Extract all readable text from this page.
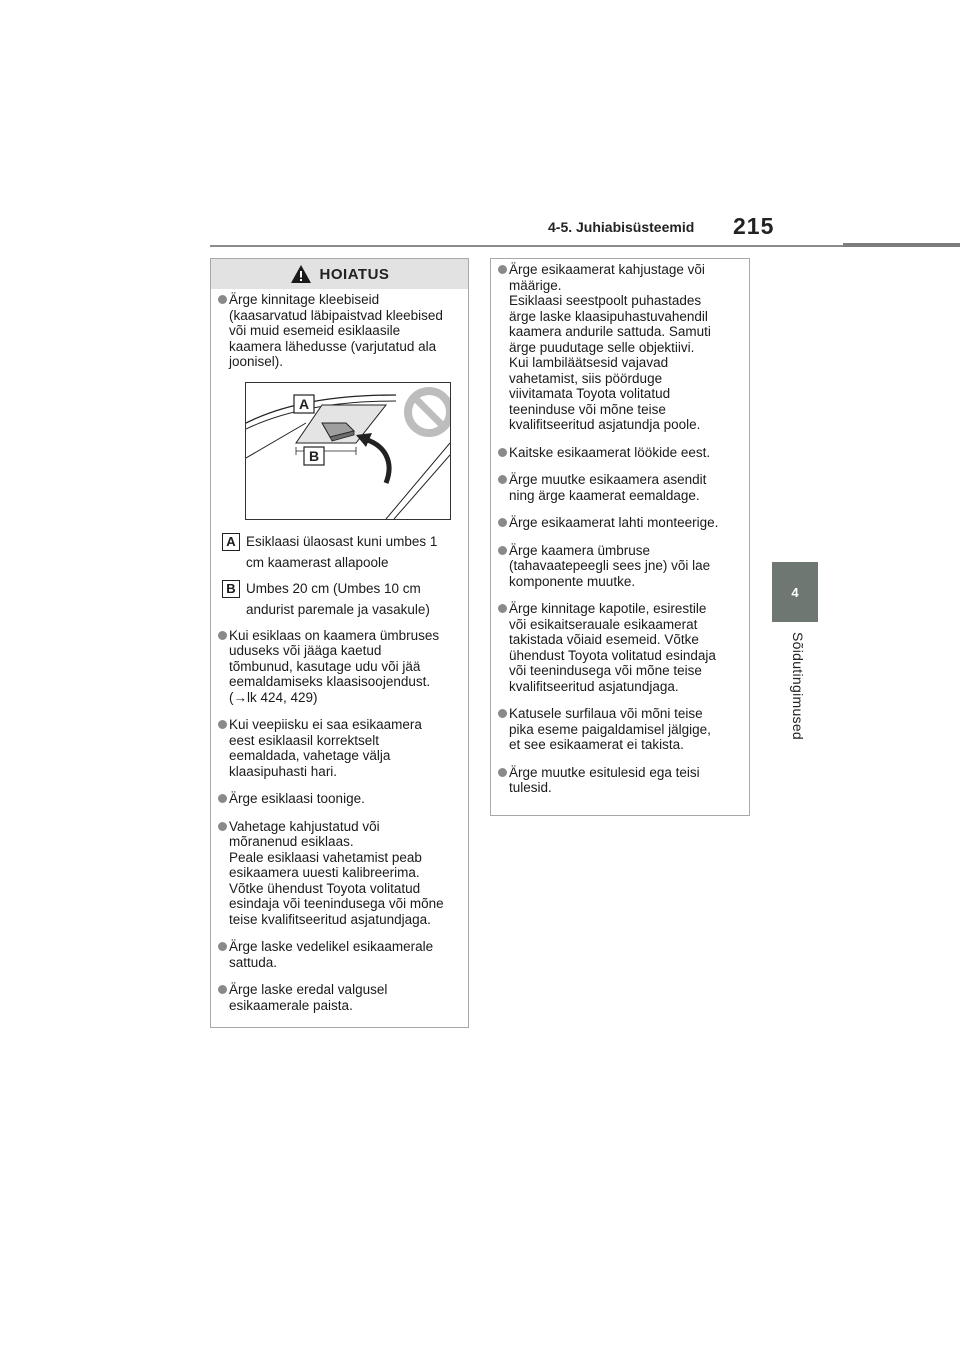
4-5. Juhiabisüsteemid 215
4
Sõidutingimused
HOIATUS
Ärge kinnitage kleebiseid
(kaasarvatud läbipaistvad kleebised
või muid esemeid esiklaasile
kaamera lähedusse (varjutatud ala
joonisel).
A
B
A Esiklaasi ülaosast kuni umbes 1
cm kaamerast allapoole
B Umbes 20 cm (Umbes 10 cm
andurist paremale ja vasakule)
Kui esiklaas on kaamera ümbruses
uduseks või jääga kaetud
tõmbunud, kasutage udu või jää
eemaldamiseks klaasisoojendust.
(→lk 424, 429)
Kui veepiisku ei saa esikaamera
eest esiklaasil korrektselt
eemaldada, vahetage välja
klaasipuhasti hari.
Ärge esiklaasi toonige.
Vahetage kahjustatud või
mõranenud esiklaas.
Peale esiklaasi vahetamist peab
esikaamera uuesti kalibreerima.
Võtke ühendust Toyota volitatud
esindaja või teenindusega või mõne
teise kvalifitseeritud asjatundjaga.
Ärge laske vedelikel esikaamerale
sattuda.
Ärge laske eredal valgusel
esikaamerale paista.
Ärge esikaamerat kahjustage või
määrige.
Esiklaasi seestpoolt puhastades
ärge laske klaasipuhastuvahendil
kaamera andurile sattuda. Samuti
ärge puudutage selle objektiivi.
Kui lambiläätsesid vajavad
vahetamist, siis pöörduge
viivitamata Toyota volitatud
teeninduse või mõne teise
kvalifitseeritud asjatundja poole.
Kaitske esikaamerat löökide eest.
Ärge muutke esikaamera asendit
ning ärge kaamerat eemaldage.
Ärge esikaamerat lahti monteerige.
Ärge kaamera ümbruse
(tahavaatepeegli sees jne) või lae
komponente muutke.
Ärge kinnitage kapotile, esirestile
või esikaitserauale esikaamerat
takistada võiaid esemeid. Võtke
ühendust Toyota volitatud esindaja
või teenindusega või mõne teise
kvalifitseeritud asjatundjaga.
Katusele surfilaua või mõni teise
pika eseme paigaldamisel jälgige,
et see esikaamerat ei takista.
Ärge muutke esitulesid ega teisi
tulesid.
